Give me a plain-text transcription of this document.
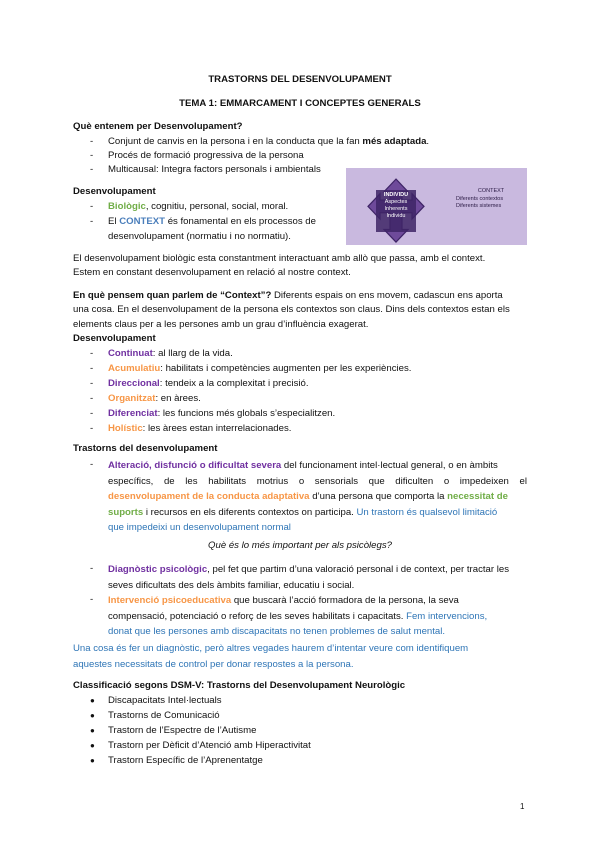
TRASTORNS DEL DESENVOLUPAMENT
TEMA 1: EMMARCAMENT I CONCEPTES GENERALS
Què entenem per Desenvolupament?
- Conjunt de canvis en la persona i en la conducta que la fan més adaptada.
- Procés de formació progressiva de la persona
- Multicausal: Integra factors personals i ambientals
Desenvolupament
- Biològic, cognitiu, personal, social, moral.
- El CONTEXT és fonamental en els processos de
desenvolupament (normatiu i no normatiu).
INDIVIDU
Aspectes
Inherents
Individu
CONTEXT
Diferents contextos
Diferents sistemes
El desenvolupament biològic esta constantment interactuant amb allò que passa, amb el context.
Estem en constant desenvolupament en relació al nostre context.
En què pensem quan parlem de “Context”? Diferents espais on ens movem, cadascun ens aporta
una cosa. En el desenvolupament de la persona els contextos son claus. Dins dels contextos estan els
elements claus per a les persones amb un grau d’influència exagerat.
Desenvolupament
- Continuat: al llarg de la vida.
- Acumulatiu: habilitats i competències augmenten per les experiències.
- Direccional: tendeix a la complexitat i precisió.
- Organitzat: en àrees.
- Diferenciat: les funcions més globals s’especialitzen.
- Holístic: les àrees estan interrelacionades.
Trastorns del desenvolupament
- Alteració, disfunció o dificultat severa del funcionament intel·lectual general, o en àmbits
específics, de les habilitats motrius o sensorials que dificulten o impedeixen el
desenvolupament de la conducta adaptativa d’una persona que comporta la necessitat de
suports i recursos en els diferents contextos on participa. Un trastorn és qualsevol limitació
que impedeixi un desenvolupament normal
Què és lo més important per als psicòlegs?
- Diagnòstic psicològic, pel fet que partim d’una valoració personal i de context, per tractar les
seves dificultats des dels àmbits familiar, educatiu i social.
- Intervenció psicoeducativa que buscarà l’acció formadora de la persona, la seva
compensació, potenciació o reforç de les seves habilitats i capacitats. Fem intervencions,
donat que les persones amb discapacitats no tenen problemes de salut mental.
Una cosa és fer un diagnòstic, però altres vegades haurem d’intentar veure com identifiquem
aquestes necessitats de control per donar respostes a la persona.
Classificació segons DSM-V: Trastorns del Desenvolupament Neurològic
● Discapacitats Intel·lectuals
● Trastorns de Comunicació
● Trastorn de l’Espectre de l’Autisme
● Trastorn per Dèficit d’Atenció amb Hiperactivitat
● Trastorn Específic de l’Aprenentatge
1
